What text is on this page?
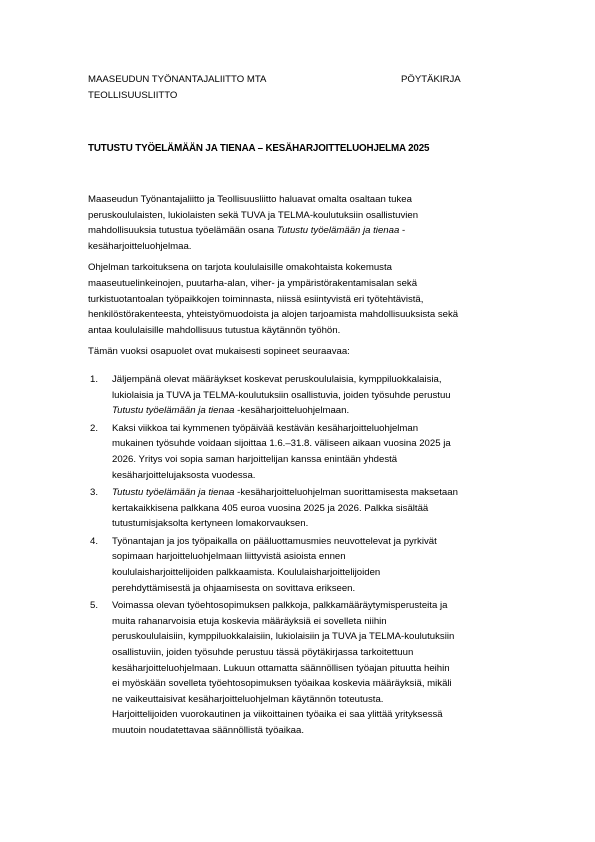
MAASEUDUN TYÖNANTAJALIITTO MTA	PÖYTÄKIRJA
TEOLLISUUSLIITTO
TUTUSTU TYÖELÄMÄÄN JA TIENAA – KESÄHARJOITTELUOHJELMA 2025

Maaseudun Työnantajaliitto ja Teollisuusliitto haluavat omalta osaltaan tukea
peruskoululaisten, lukiolaisten sekä TUVA ja TELMA-koulutuksiin osallistuvien
mahdollisuuksia tutustua työelämään osana Tutustu työelämään ja tienaa -
kesäharjoitteluohjelmaa.

Ohjelman tarkoituksena on tarjota koululaisille omakohtaista kokemusta
maaseutuelinkeinojen, puutarha-alan, viher- ja ympäristörakentamisalan sekä
turkistuotantoalan työpaikkojen toiminnasta, niissä esiintyvistä eri työtehtävistä,
henkilöstörakenteesta, yhteistyömuodoista ja alojen tarjoamista mahdollisuuksista sekä
antaa koululaisille mahdollisuus tutustua käytännön työhön.

Tämän vuoksi osapuolet ovat mukaisesti sopineet seuraavaa:

1. Jäljempänä olevat määräykset koskevat peruskoululaisia, kymppiluokkalaisia,
lukiolaisia ja TUVA ja TELMA-koulutuksiin osallistuvia, joiden työsuhde perustuu
Tutustu työelämään ja tienaa -kesäharjoitteluohjelmaan.
2. Kaksi viikkoa tai kymmenen työpäivää kestävän kesäharjoitteluohjelman
mukainen työsuhde voidaan sijoittaa 1.6.–31.8. väliseen aikaan vuosina 2025 ja
2026. Yritys voi sopia saman harjoittelijan kanssa enintään yhdestä
kesäharjoittelujaksosta vuodessa.
3. Tutustu työelämään ja tienaa -kesäharjoitteluohjelman suorittamisesta maksetaan
kertakaikkisena palkkana 405 euroa vuosina 2025 ja 2026. Palkka sisältää
tutustumisjaksolta kertyneen lomakorvauksen.
4. Työnantajan ja jos työpaikalla on pääluottamusmies neuvottelevat ja pyrkivät
sopimaan harjoitteluohjelmaan liittyvistä asioista ennen
koululaisharjoittelijoiden palkkaamista. Koululaisharjoittelijoiden
perehdyttämisestä ja ohjaamisesta on sovittava erikseen.
5. Voimassa olevan työehtosopimuksen palkkoja, palkkamääräytymisperusteita ja
muita rahanarvoisia etuja koskevia määräyksiä ei sovelleta niihin
peruskoululaisiin, kymppiluokkalaisiin, lukiolaisiin ja TUVA ja TELMA-koulutuksiin
osallistuviin, joiden työsuhde perustuu tässä pöytäkirjassa tarkoitettuun
kesäharjoitteluohjelmaan. Lukuun ottamatta säännöllisen työajan pituutta heihin
ei myöskään sovelleta työehtosopimuksen työaikaa koskevia määräyksiä, mikäli
ne vaikeuttaisivat kesäharjoitteluohjelman käytännön toteutusta.
Harjoittelijoiden vuorokautinen ja viikoittainen työaika ei saa ylittää yrityksessä
muutoin noudatettavaa säännöllistä työaikaa.
